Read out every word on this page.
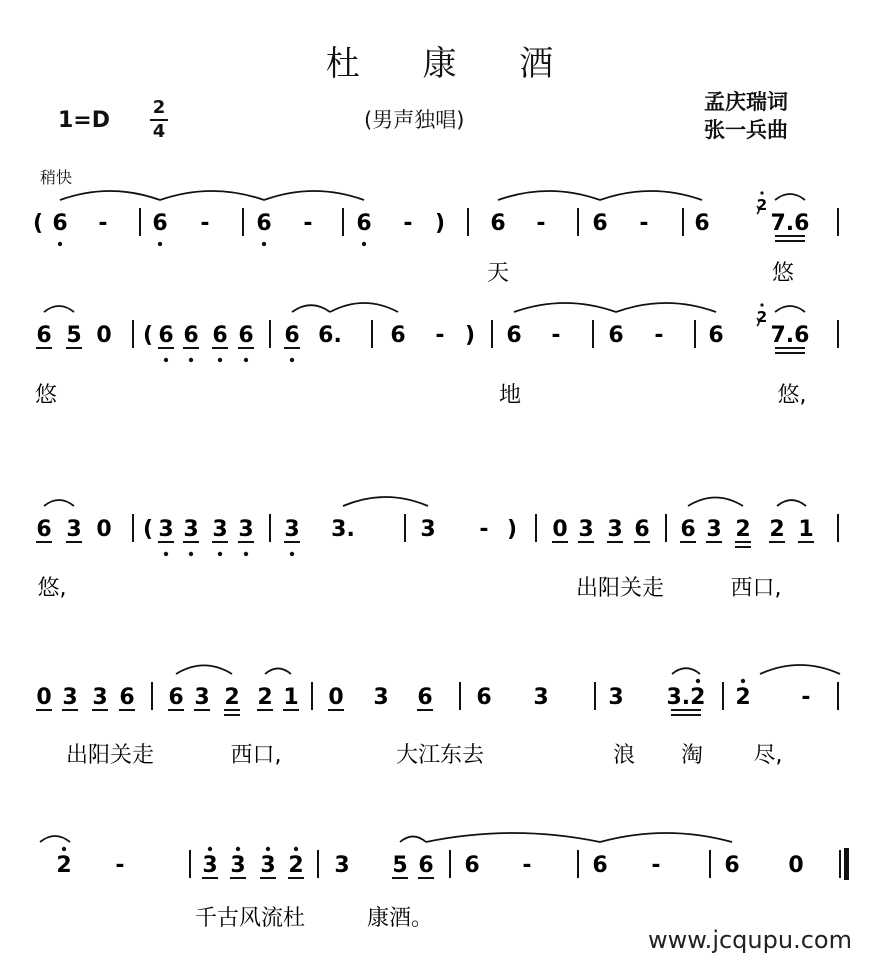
杜 康 酒
1=D
2
4	(男声独唱)
孟庆瑞词
张一兵曲
稍快
( 6 - 6 - 6 - 6 - ) 6 - 6 - 6	7.6
2
天	悠
6 5 0 ( 6 6 6 6 6 6. 6 - ) 6 - 6 - 6 7.6
2
悠	地	悠,
6 3 0 ( 3 3 3 3 3 3.	3 - ) 0 3 3 6 6 3 2 2 1
悠,	出阳关走	西口,
0 3 3 6 6 3 2 2 1 0 3 6 6 3	3 3.2 2 -
出阳关走	西口,	大江东去	浪 淘 尽,
2 -	3 3 3 2 3 5 6 6 -	6 -	6 0
千古风流杜	康酒。
www.jcqupu.com
